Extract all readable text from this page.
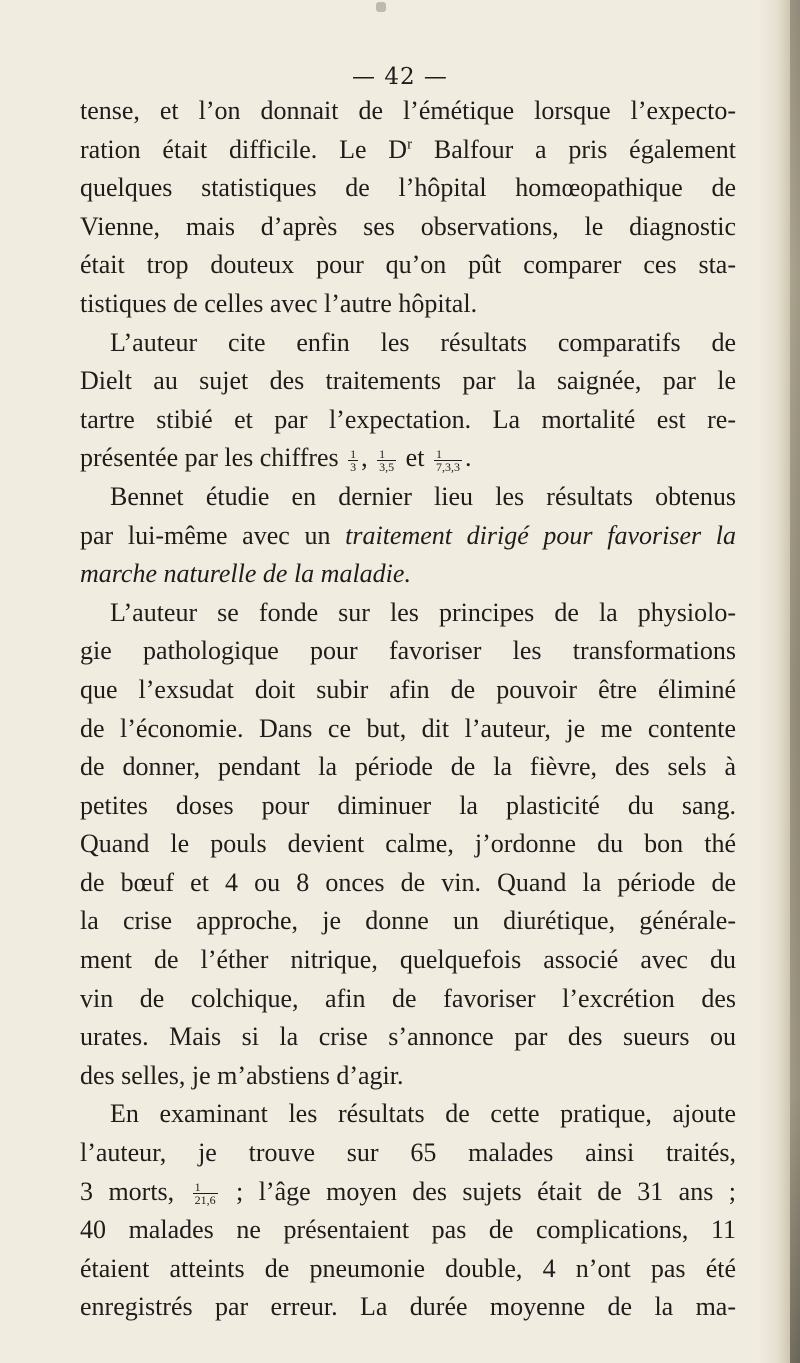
— 42 —
tense, et l’on donnait de l’émétique lorsque l’expecto-
ration était difficile. Le $D^r$ Balfour a pris également
quelques statistiques de l’hôpital homœopathique de
Vienne, mais d’après ses observations, le diagnostic
était trop douteux pour qu’on pût comparer ces sta-
tistiques de celles avec l’autre hôpital.
L’auteur cite enfin les résultats comparatifs de
Dielt au sujet des traitements par la saignée, par le
tartre stibié et par l’expectation. La mortalité est re-
présentée par les chiffres $\frac{1}{3}$ , $\frac{1}{3,5}$ et $\frac{1}{7,3,3}$ .
Bennet étudie en dernier lieu les résultats obtenus
par lui-même avec un traitement dirigé pour favoriser la
marche naturelle de la maladie.
L’auteur se fonde sur les principes de la physiolo-
gie pathologique pour favoriser les transformations
que l’exsudat doit subir afin de pouvoir être éliminé
de l’économie. Dans ce but, dit l’auteur, je me contente
de donner, pendant la période de la fièvre, des sels à
petites doses pour diminuer la plasticité du sang.
Quand le pouls devient calme, j’ordonne du bon thé
de bœuf et 4 ou 8 onces de vin. Quand la période de
la crise approche, je donne un diurétique, générale-
ment de l’éther nitrique, quelquefois associé avec du
vin de colchique, afin de favoriser l’excrétion des
urates. Mais si la crise s’annonce par des sueurs ou
des selles, je m’abstiens d’agir.
En examinant les résultats de cette pratique, ajoute
l’auteur, je trouve sur 65 malades ainsi traités,
3 morts, $\frac{1}{21,6}$ ; l’âge moyen des sujets était de 31 ans ;
40 malades ne présentaient pas de complications, 11
étaient atteints de pneumonie double, 4 n’ont pas été
enregistrés par erreur. La durée moyenne de la ma-
